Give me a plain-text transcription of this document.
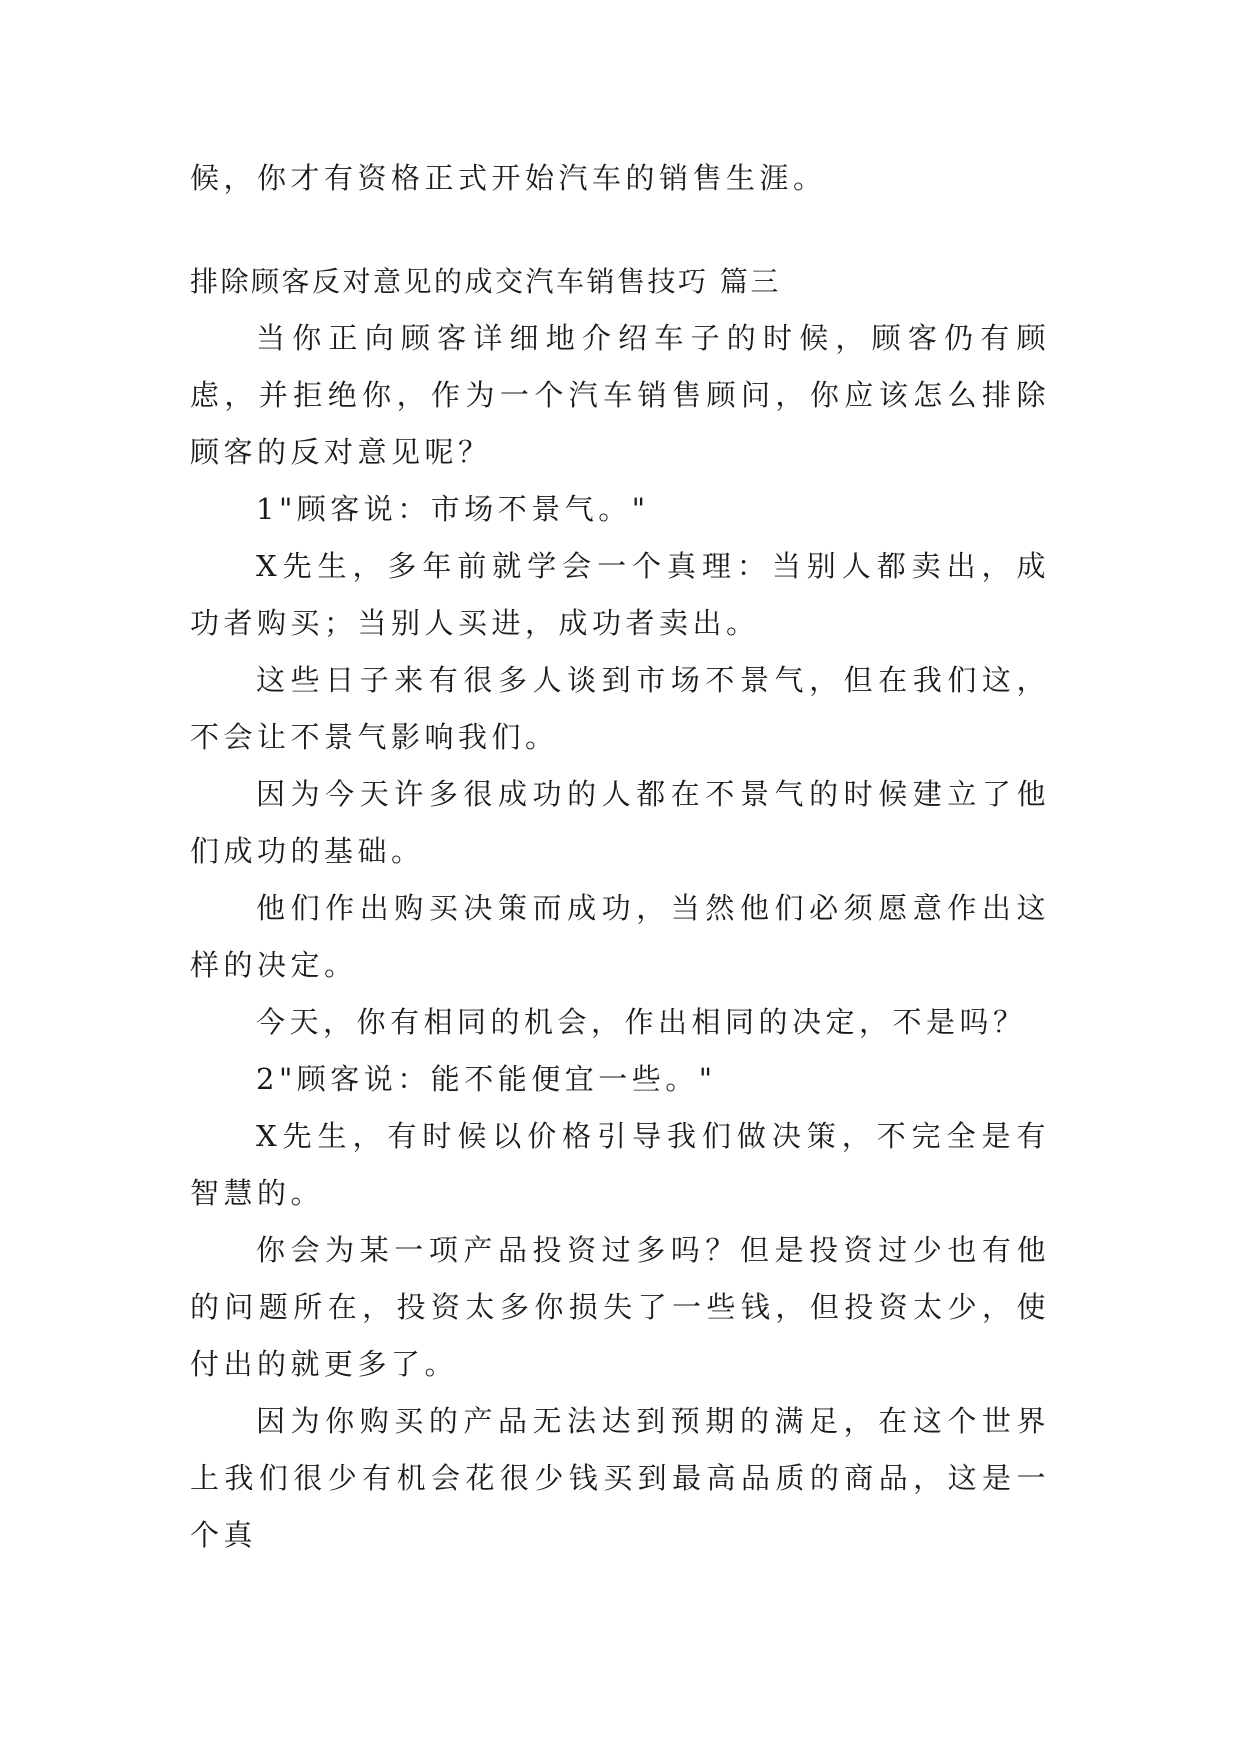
候，你才有资格正式开始汽车的销售生涯。

排除顾客反对意见的成交汽车销售技巧 篇三

当你正向顾客详细地介绍车子的时候，顾客仍有顾虑，并拒绝你，作为一个汽车销售顾问，你应该怎么排除顾客的反对意见呢？

1"顾客说：市场不景气。"

X先生，多年前就学会一个真理：当别人都卖出，成功者购买；当别人买进，成功者卖出。

这些日子来有很多人谈到市场不景气，但在我们这，不会让不景气影响我们。

因为今天许多很成功的人都在不景气的时候建立了他们成功的基础。

他们作出购买决策而成功，当然他们必须愿意作出这样的决定。

今天，你有相同的机会，作出相同的决定，不是吗？

2"顾客说：能不能便宜一些。"

X先生，有时候以价格引导我们做决策，不完全是有智慧的。

你会为某一项产品投资过多吗？但是投资过少也有他的问题所在，投资太多你损失了一些钱，但投资太少，使付出的就更多了。

因为你购买的产品无法达到预期的满足，在这个世界上我们很少有机会花很少钱买到最高品质的商品，这是一个真
